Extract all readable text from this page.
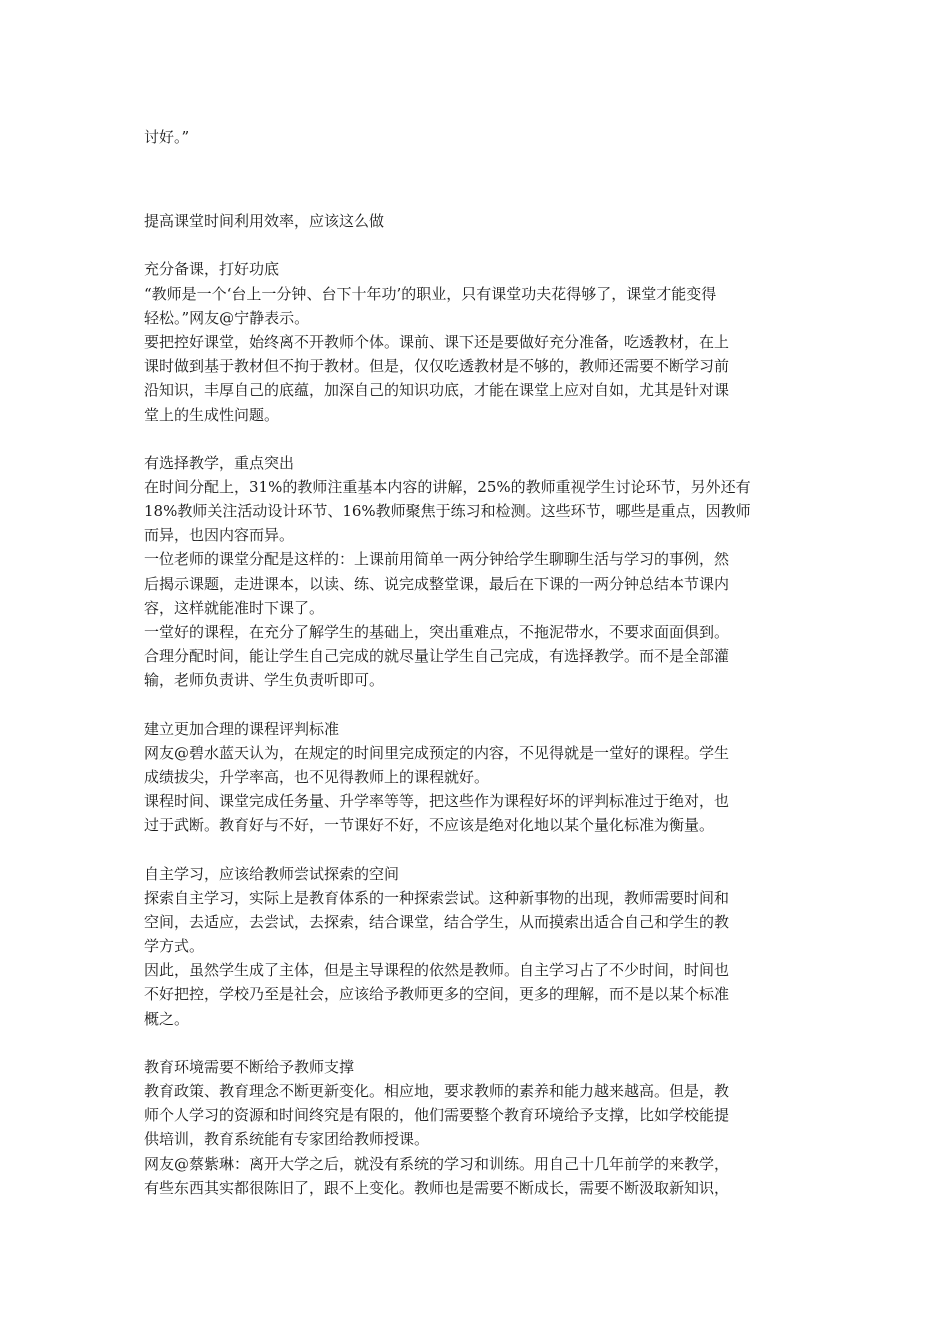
讨好。”
提高课堂时间利用效率，应该这么做
充分备课，打好功底
“教师是一个‘台上一分钟、台下十年功’的职业，只有课堂功夫花得够了，课堂才能变得
轻松。”网友@宁静表示。
要把控好课堂，始终离不开教师个体。课前、课下还是要做好充分准备，吃透教材，在上
课时做到基于教材但不拘于教材。但是，仅仅吃透教材是不够的，教师还需要不断学习前
沿知识，丰厚自己的底蕴，加深自己的知识功底，才能在课堂上应对自如，尤其是针对课
堂上的生成性问题。
有选择教学，重点突出
在时间分配上，31%的教师注重基本内容的讲解，25%的教师重视学生讨论环节，另外还有
18%教师关注活动设计环节、16%教师聚焦于练习和检测。这些环节，哪些是重点，因教师
而异，也因内容而异。
一位老师的课堂分配是这样的：上课前用简单一两分钟给学生聊聊生活与学习的事例，然
后揭示课题，走进课本，以读、练、说完成整堂课，最后在下课的一两分钟总结本节课内
容，这样就能准时下课了。
一堂好的课程，在充分了解学生的基础上，突出重难点，不拖泥带水，不要求面面俱到。
合理分配时间，能让学生自己完成的就尽量让学生自己完成，有选择教学。而不是全部灌
输，老师负责讲、学生负责听即可。
建立更加合理的课程评判标准
网友@碧水蓝天认为，在规定的时间里完成预定的内容，不见得就是一堂好的课程。学生
成绩拔尖，升学率高，也不见得教师上的课程就好。
课程时间、课堂完成任务量、升学率等等，把这些作为课程好坏的评判标准过于绝对，也
过于武断。教育好与不好，一节课好不好，不应该是绝对化地以某个量化标准为衡量。
自主学习，应该给教师尝试探索的空间
探索自主学习，实际上是教育体系的一种探索尝试。这种新事物的出现，教师需要时间和
空间，去适应，去尝试，去探索，结合课堂，结合学生，从而摸索出适合自己和学生的教
学方式。
因此，虽然学生成了主体，但是主导课程的依然是教师。自主学习占了不少时间，时间也
不好把控，学校乃至是社会，应该给予教师更多的空间，更多的理解，而不是以某个标准
概之。
教育环境需要不断给予教师支撑
教育政策、教育理念不断更新变化。相应地，要求教师的素养和能力越来越高。但是，教
师个人学习的资源和时间终究是有限的，他们需要整个教育环境给予支撑，比如学校能提
供培训，教育系统能有专家团给教师授课。
网友@蔡紫琳：离开大学之后，就没有系统的学习和训练。用自己十几年前学的来教学，
有些东西其实都很陈旧了，跟不上变化。教师也是需要不断成长，需要不断汲取新知识，
